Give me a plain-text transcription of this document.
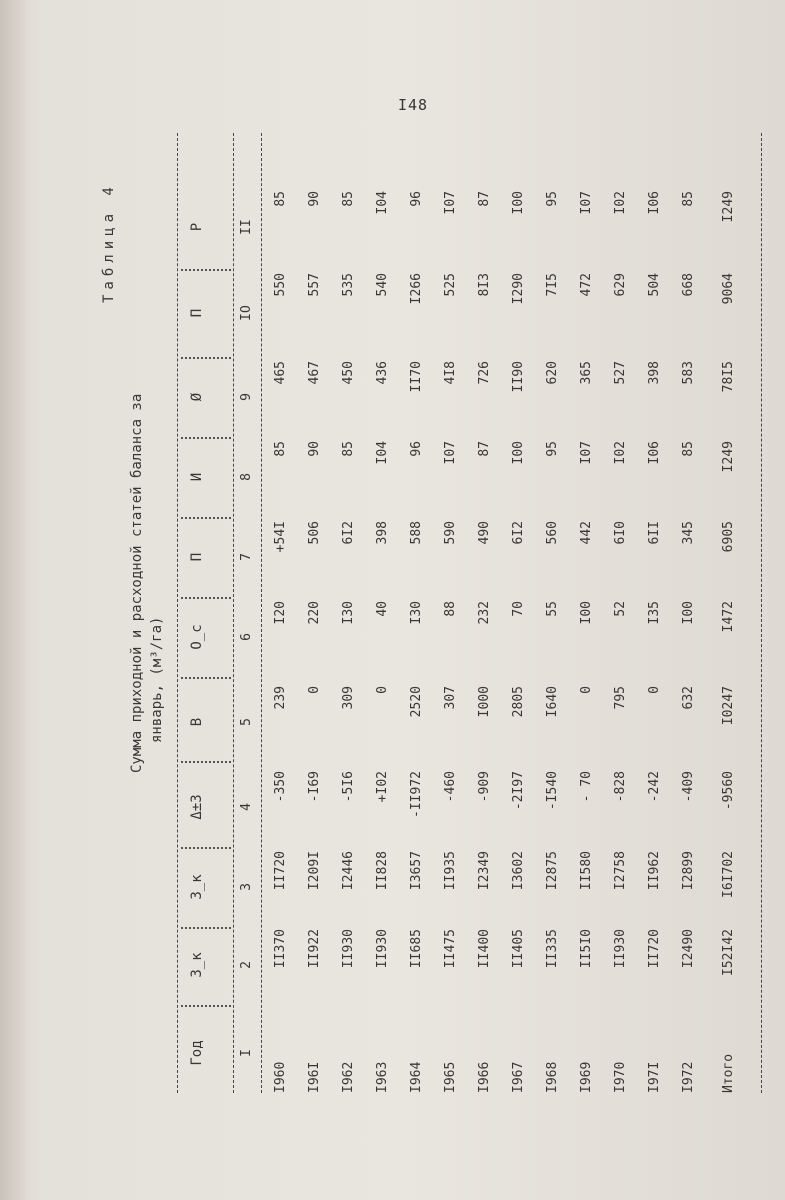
I48
Таблица 4
Сумма приходной и расходной статей баланса за январь, (м³/га)
Год
З_к
З_к
Δ±З
В
О_с
П
И
Ø
П
Р
I
2
3
4
5
6
7
8
9
IO
II
I960
II370
II720
-350
239
I20
+54I
85
465
550
85
I96I
II922
I209I
-I69
0
220
506
90
467
557
90
I962
II930
I2446
-5I6
309
I30
6I2
85
450
535
85
I963
II930
II828
+I02
0
40
398
I04
436
540
I04
I964
II685
I3657
-II972
2520
I30
588
96
II70
I266
96
I965
II475
II935
-460
307
88
590
I07
4I8
525
I07
I966
II400
I2349
-909
I000
232
490
87
726
8I3
87
I967
II405
I3602
-2I97
2805
70
6I2
I00
II90
I290
I00
I968
II335
I2875
-I540
I640
55
560
95
620
7I5
95
I969
II5I0
II580
- 70
0
I00
442
I07
365
472
I07
I970
II930
I2758
-828
795
52
6I0
I02
527
629
I02
I97I
II720
II962
-242
0
I35
6II
I06
398
504
I06
I972
I2490
I2899
-409
632
I00
345
85
583
668
85
Итого
I52I42
I6I702
-9560
I0247
I472
6905
I249
78I5
9064
I249
